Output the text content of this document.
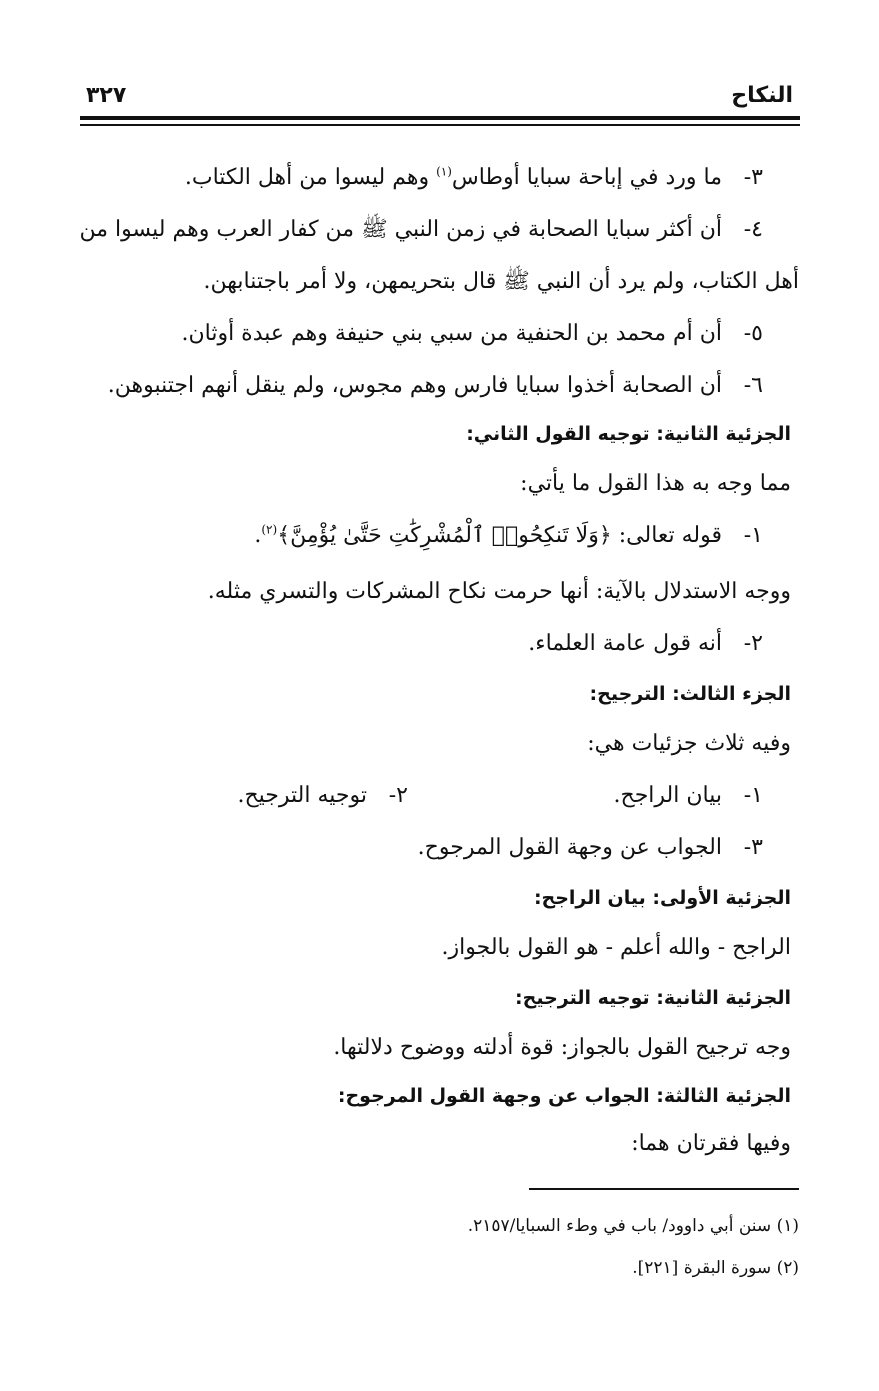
النكاح
٣٢٧
٣- ما ورد في إباحة سبايا أوطاس$^{(١)}$ وهم ليسوا من أهل الكتاب.
٤- أن أكثر سبايا الصحابة في زمن النبي ﷺ من كفار العرب وهم ليسوا من
أهل الكتاب، ولم يرد أن النبي ﷺ قال بتحريمهن، ولا أمر باجتنابهن.
٥- أن أم محمد بن الحنفية من سبي بني حنيفة وهم عبدة أوثان.
٦- أن الصحابة أخذوا سبايا فارس وهم مجوس، ولم ينقل أنهم اجتنبوهن.
الجزئية الثانية: توجيه القول الثاني:
مما وجه به هذا القول ما يأتي:
١- قوله تعالى: ﴿وَلَا تَنكِحُوا۟ ٱلْمُشْرِكَٰتِ حَتَّىٰ يُؤْمِنَّ﴾$^{(٢)}$.
ووجه الاستدلال بالآية: أنها حرمت نكاح المشركات والتسري مثله.
٢- أنه قول عامة العلماء.
الجزء الثالث: الترجيح:
وفيه ثلاث جزئيات هي:
١- بيان الراجح.
٢- توجيه الترجيح.
٣- الجواب عن وجهة القول المرجوح.
الجزئية الأولى: بيان الراجح:
الراجح - والله أعلم - هو القول بالجواز.
الجزئية الثانية: توجيه الترجيح:
وجه ترجيح القول بالجواز: قوة أدلته ووضوح دلالتها.
الجزئية الثالثة: الجواب عن وجهة القول المرجوح:
وفيها فقرتان هما:
(١) سنن أبي داوود/ باب في وطء السبايا/٢١٥٧.
(٢) سورة البقرة [٢٢١].
